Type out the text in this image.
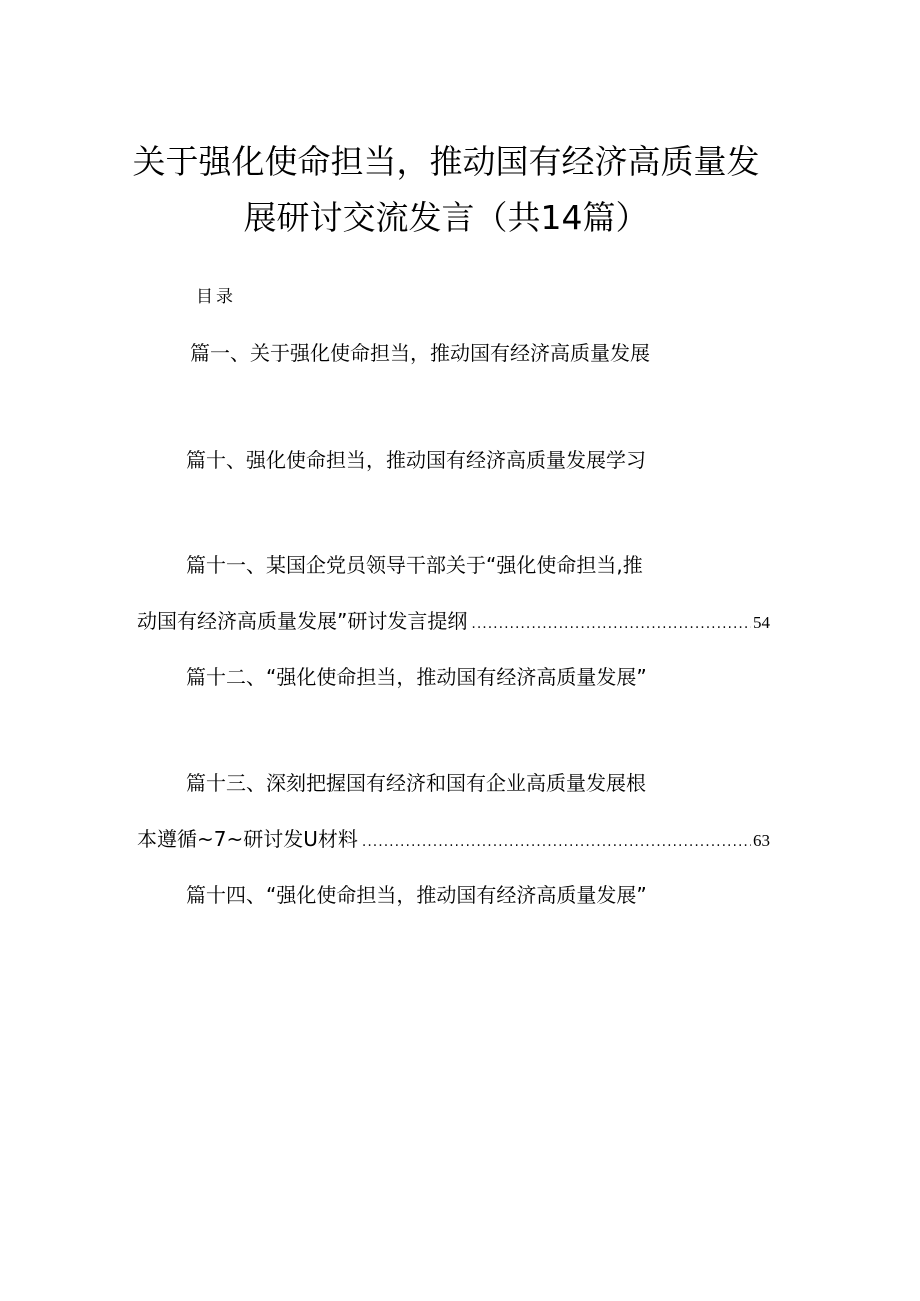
关于强化使命担当，推动国有经济高质量发
展研讨交流发言（共14篇）
目录
篇一、关于强化使命担当，推动国有经济高质量发展
篇十、强化使命担当，推动国有经济高质量发展学习
篇十一、某国企党员领导干部关于“强化使命担当,推
动国有经济高质量发展”研讨发言提纲 .....	54
篇十二、“强化使命担当，推动国有经济高质量发展”
篇十三、深刻把握国有经济和国有企业高质量发展根
本遵循~7~研讨发U材料 .....	63
篇十四、“强化使命担当，推动国有经济高质量发展”
